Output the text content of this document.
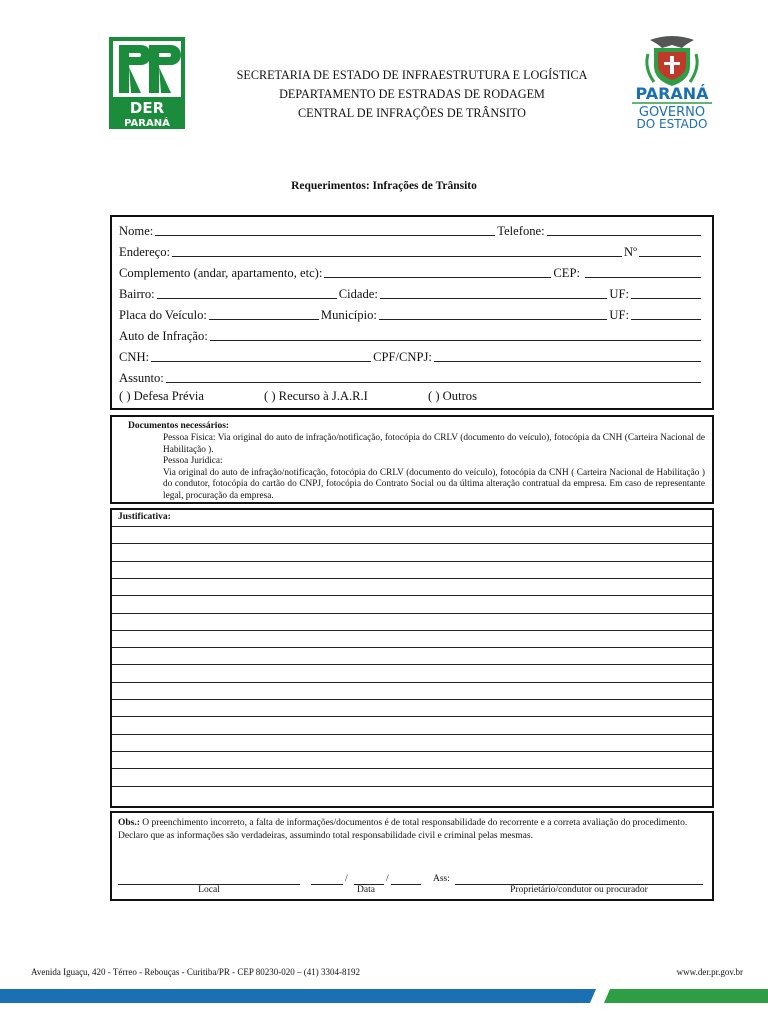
DER
PARANÁ
SECRETARIA DE ESTADO DE INFRAESTRUTURA E LOGÍSTICA
DEPARTAMENTO DE ESTRADAS DE RODAGEM
CENTRAL DE INFRAÇÕES DE TRÂNSITO
PARANÁ
GOVERNO
DO ESTADO
Requerimentos: Infrações de Trânsito
Nome:	Telefone:
Endereço:	Nº
Complemento (andar, apartamento, etc):	CEP:
Bairro:	Cidade:	UF:
Placa do Veículo:	Município:	UF:
Auto de Infração:
CNH:	CPF/CNPJ:
Assunto:
( ) Defesa Prévia	( ) Recurso à J.A.R.I	( ) Outros
Documentos necessários:

Pessoa Física: Via original do auto de infração/notificação, fotocópia do CRLV (documento do veículo), fotocópia da CNH (Carteira Nacional de Habilitação ).

Pessoa Jurídica:

Via original do auto de infração/notificação, fotocópia do CRLV (documento do veículo), fotocópia da CNH ( Carteira Nacional de Habilitação ) do condutor, fotocópia do cartão do CNPJ, fotocópia do Contrato Social ou da última alteração contratual da empresa. Em caso de representante legal, procuração da empresa.

Justificativa:

Obs.: O preenchimento incorreto, a falta de informações/documentos é de total responsabilidade do recorrente e a correta avaliação do procedimento.

Declaro que as informações são verdadeiras, assumindo total responsabilidade civil e criminal pelas mesmas.

/	/	Ass:
Local	Data	Proprietário/condutor ou procurador
Avenida Iguaçu, 420 - Térreo - Rebouças - Curitiba/PR - CEP 80230-020 – (41) 3304-8192	www.der.pr.gov.br
